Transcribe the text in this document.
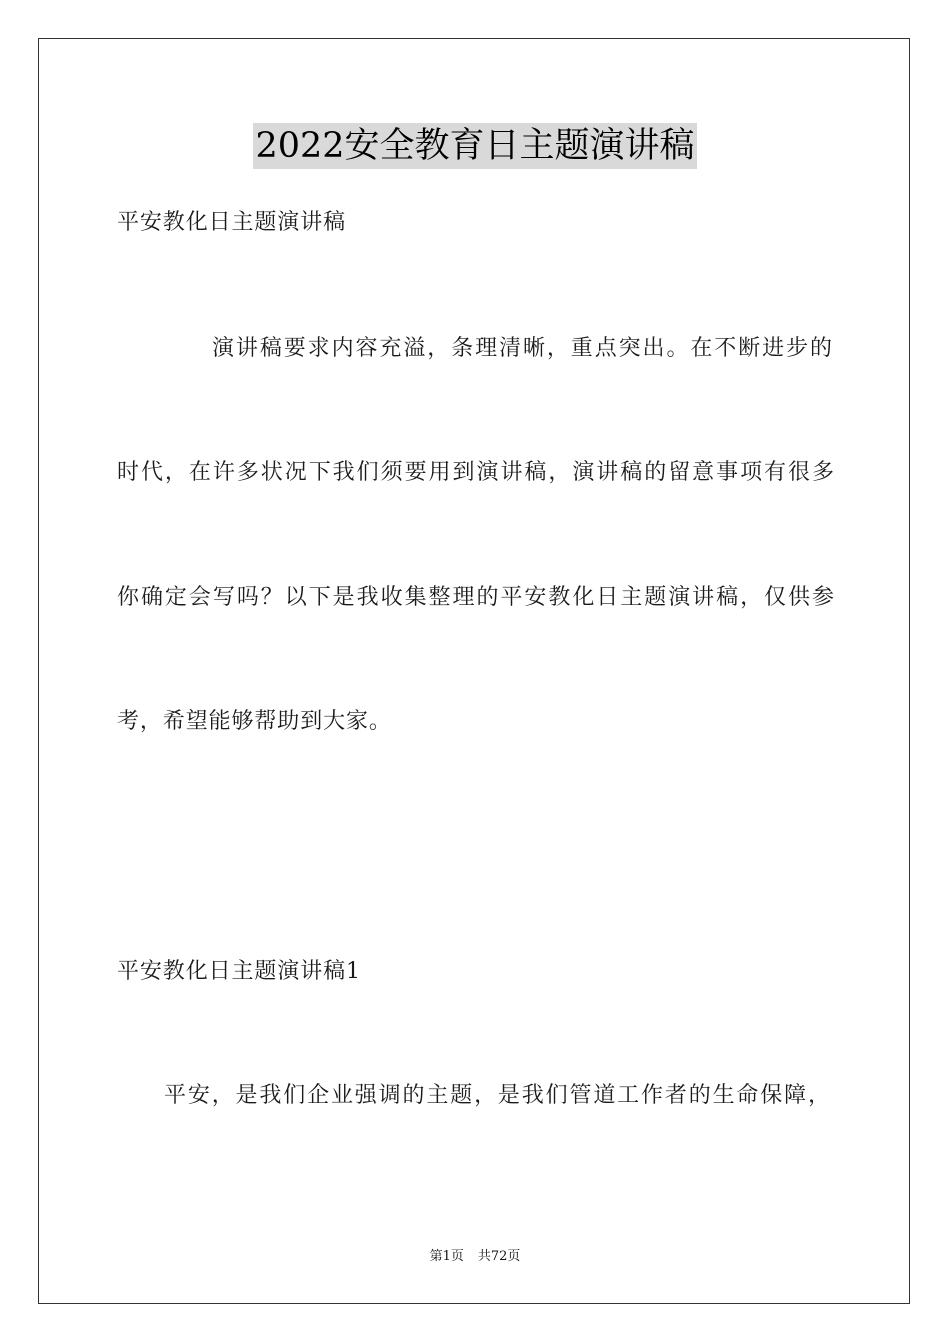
2022安全教育日主题演讲稿
平安教化日主题演讲稿
演讲稿要求内容充溢，条理清晰，重点突出。在不断进步的
时代，在许多状况下我们须要用到演讲稿，演讲稿的留意事项有很多
你确定会写吗？以下是我收集整理的平安教化日主题演讲稿，仅供参
考，希望能够帮助到大家。
平安教化日主题演讲稿1
平安，是我们企业强调的主题，是我们管道工作者的生命保障，
第1页 共72页
